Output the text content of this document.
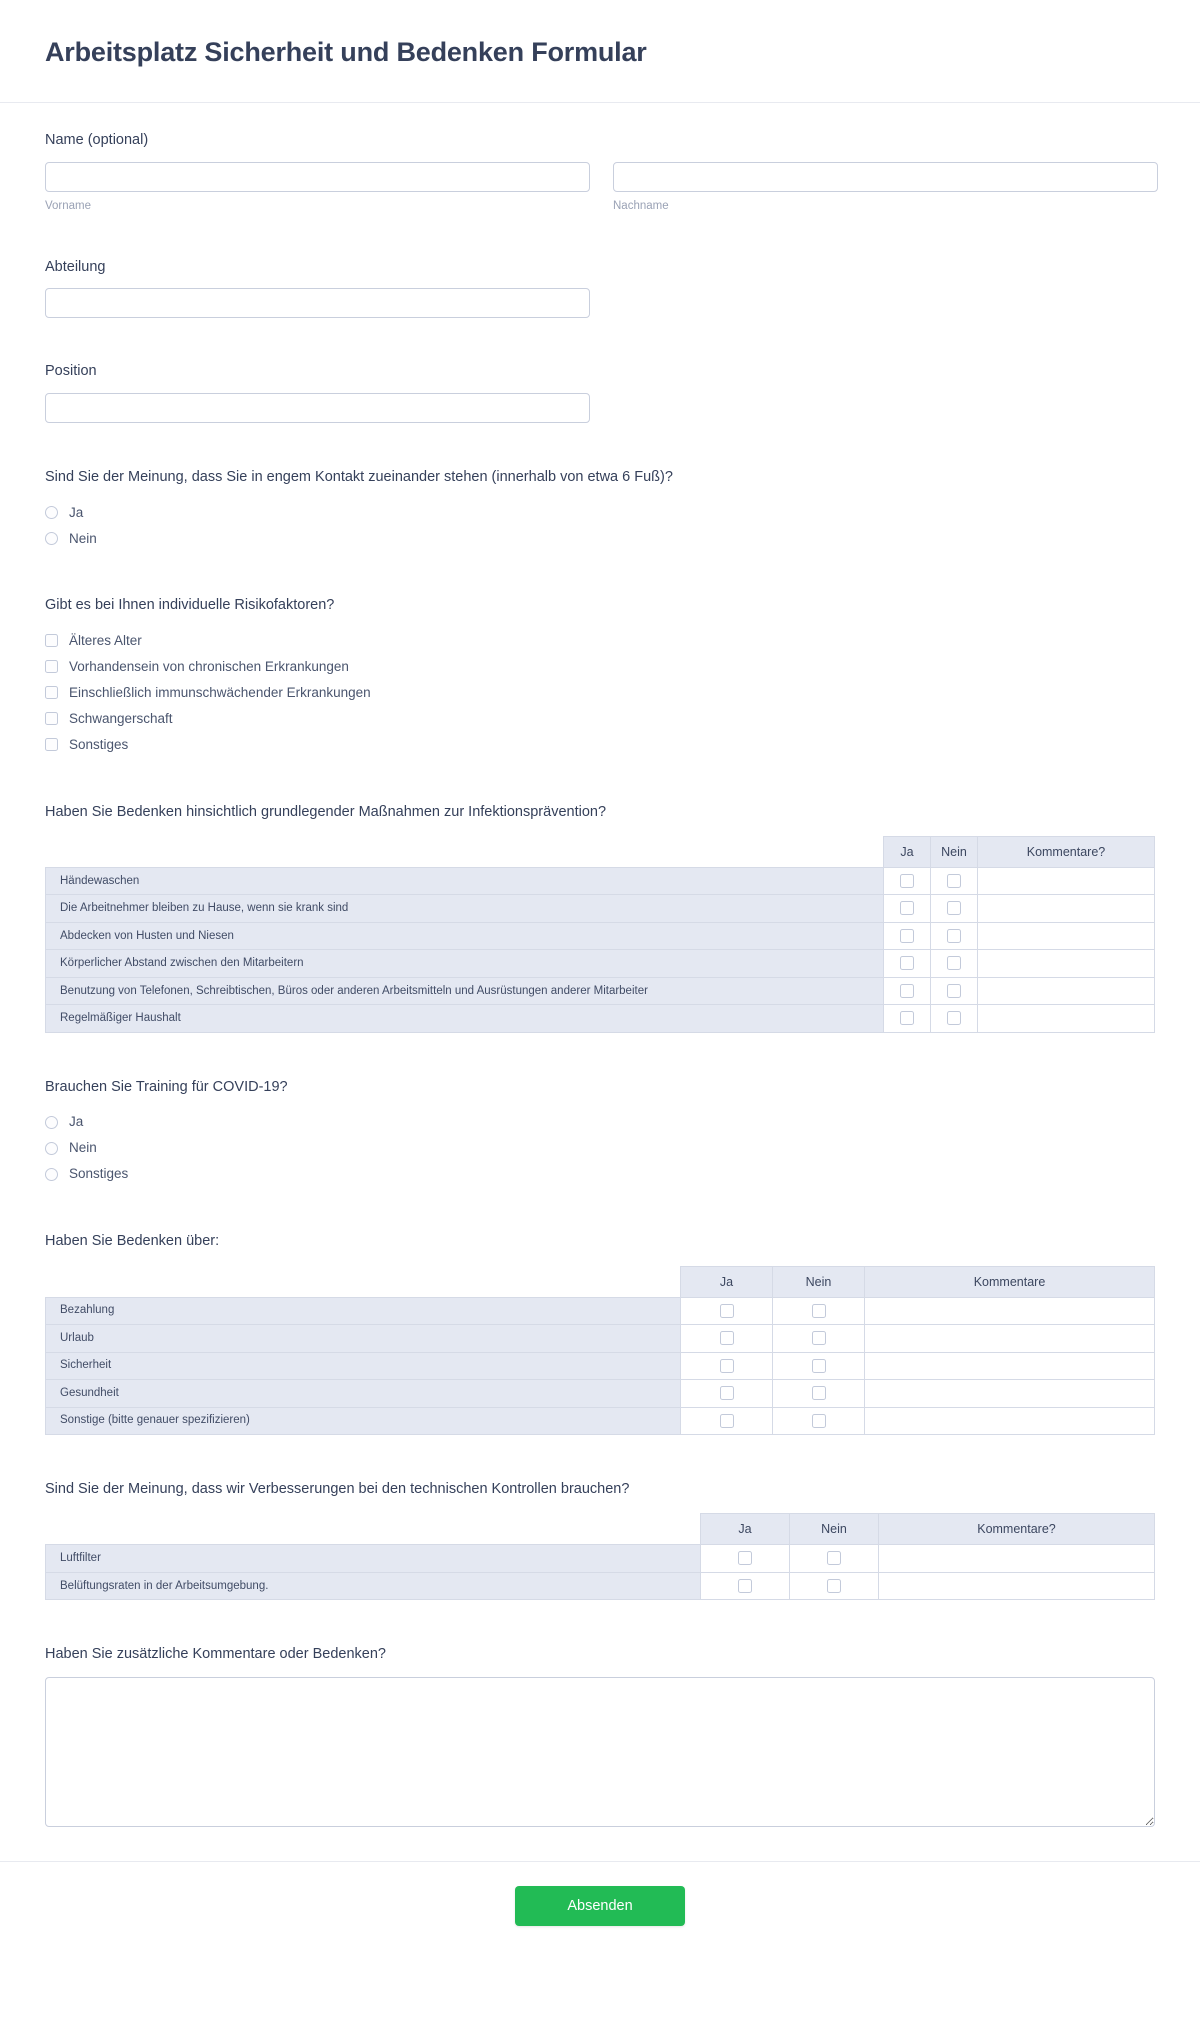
Arbeitsplatz Sicherheit und Bedenken Formular
Name (optional)
Vorname	Nachname
Abteilung
Position
Sind Sie der Meinung, dass Sie in engem Kontakt zueinander stehen (innerhalb von etwa 6 Fuß)?
Ja
Nein
Gibt es bei Ihnen individuelle Risikofaktoren?
Älteres Alter
Vorhandensein von chronischen Erkrankungen
Einschließlich immunschwächender Erkrankungen
Schwangerschaft
Sonstiges
Haben Sie Bedenken hinsichtlich grundlegender Maßnahmen zur Infektionsprävention?
	Ja	Nein	Kommentare?
Händewaschen			
Die Arbeitnehmer bleiben zu Hause, wenn sie krank sind			
Abdecken von Husten und Niesen			
Körperlicher Abstand zwischen den Mitarbeitern			
Benutzung von Telefonen, Schreibtischen, Büros oder anderen Arbeitsmitteln und Ausrüstungen anderer Mitarbeiter			
Regelmäßiger Haushalt			
Brauchen Sie Training für COVID-19?
Ja
Nein
Sonstiges
Haben Sie Bedenken über:
	Ja	Nein	Kommentare
Bezahlung			
Urlaub			
Sicherheit			
Gesundheit			
Sonstige (bitte genauer spezifizieren)			
Sind Sie der Meinung, dass wir Verbesserungen bei den technischen Kontrollen brauchen?
	Ja	Nein	Kommentare?
Luftfilter			
Belüftungsraten in der Arbeitsumgebung.			
Haben Sie zusätzliche Kommentare oder Bedenken?
Absenden
